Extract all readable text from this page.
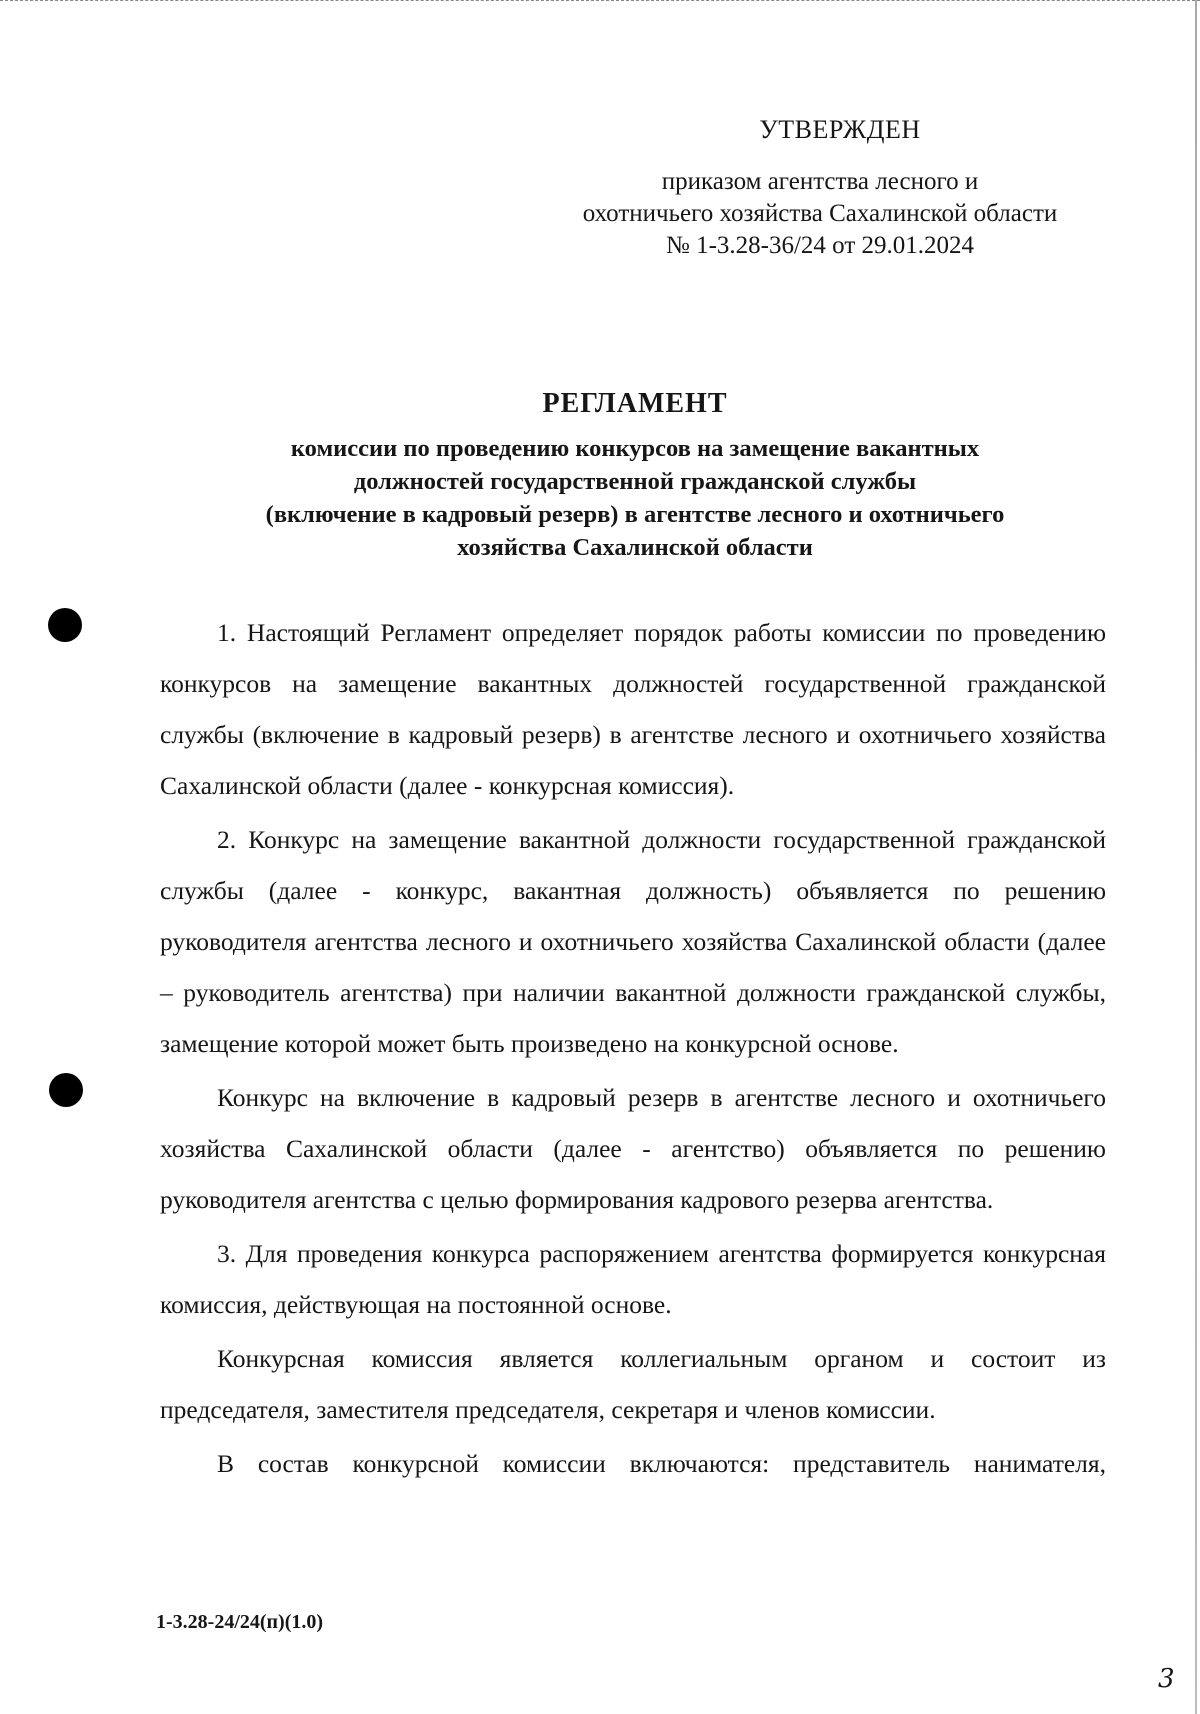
УТВЕРЖДЕН
приказом агентства лесного и
охотничьего хозяйства Сахалинской области
№ 1-3.28-36/24 от 29.01.2024
РЕГЛАМЕНТ
комиссии по проведению конкурсов на замещение вакантных
должностей государственной гражданской службы
(включение в кадровый резерв) в агентстве лесного и охотничьего
хозяйства Сахалинской области

1. Настоящий Регламент определяет порядок работы комиссии по проведению конкурсов на замещение вакантных должностей государственной гражданской службы (включение в кадровый резерв) в агентстве лесного и охотничьего хозяйства Сахалинской области (далее - конкурсная комиссия).

2. Конкурс на замещение вакантной должности государственной гражданской службы (далее - конкурс, вакантная должность) объявляется по решению руководителя агентства лесного и охотничьего хозяйства Сахалинской области (далее – руководитель агентства) при наличии вакантной должности гражданской службы, замещение которой может быть произведено на конкурсной основе.

Конкурс на включение в кадровый резерв в агентстве лесного и охотничьего хозяйства Сахалинской области (далее - агентство) объявляется по решению руководителя агентства с целью формирования кадрового резерва агентства.

3. Для проведения конкурса распоряжением агентства формируется конкурсная комиссия, действующая на постоянной основе.

Конкурсная комиссия является коллегиальным органом и состоит из председателя, заместителя председателя, секретаря и членов комиссии.

В состав конкурсной комиссии включаются: представитель нанимателя,

1-3.28-24/24(п)(1.0)
3
